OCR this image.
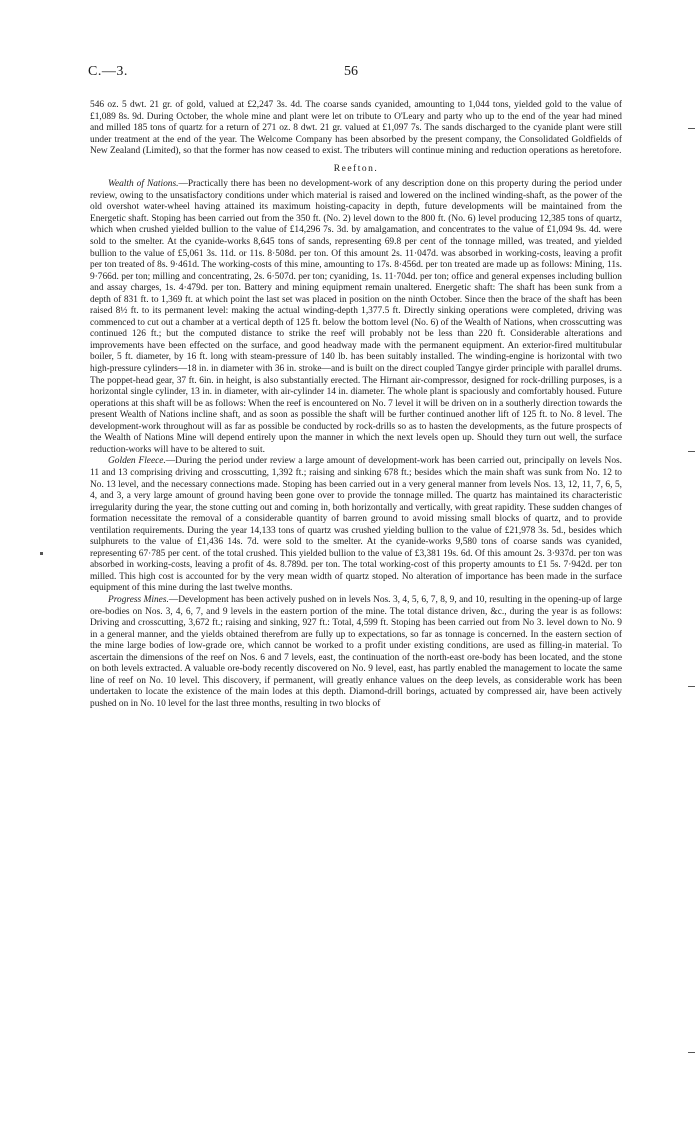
C.—3.	56

546 oz. 5 dwt. 21 gr. of gold, valued at £2,247 3s. 4d. The coarse sands cyanided, amounting to 1,044 tons, yielded gold to the value of £1,089 8s. 9d. During October, the whole mine and plant were let on tribute to O'Leary and party who up to the end of the year had mined and milled 185 tons of quartz for a return of 271 oz. 8 dwt. 21 gr. valued at £1,097 7s. The sands discharged to the cyanide plant were still under treatment at the end of the year. The Welcome Company has been absorbed by the present company, the Consolidated Goldfields of New Zealand (Limited), so that the former has now ceased to exist. The tributers will continue mining and reduction operations as heretofore.

Reefton.

Wealth of Nations.—Practically there has been no development-work of any description done on this property during the period under review, owing to the unsatisfactory conditions under which material is raised and lowered on the inclined winding-shaft, as the power of the old overshot water-wheel having attained its maximum hoisting-capacity in depth, future developments will be maintained from the Energetic shaft. Stoping has been carried out from the 350 ft. (No. 2) level down to the 800 ft. (No. 6) level producing 12,385 tons of quartz, which when crushed yielded bullion to the value of £14,296 7s. 3d. by amalgamation, and concentrates to the value of £1,094 9s. 4d. were sold to the smelter. At the cyanide-works 8,645 tons of sands, representing 69.8 per cent of the tonnage milled, was treated, and yielded bullion to the value of £5,061 3s. 11d. or 11s. 8·508d. per ton. Of this amount 2s. 11·047d. was absorbed in working-costs, leaving a profit per ton treated of 8s. 9·461d. The working-costs of this mine, amounting to 17s. 8·456d. per ton treated are made up as follows: Mining, 11s. 9·766d. per ton; milling and concentrating, 2s. 6·507d. per ton; cyaniding, 1s. 11·704d. per ton; office and general expenses including bullion and assay charges, 1s. 4·479d. per ton. Battery and mining equipment remain unaltered. Energetic shaft: The shaft has been sunk from a depth of 831 ft. to 1,369 ft. at which point the last set was placed in position on the ninth October. Since then the brace of the shaft has been raised 8½ ft. to its permanent level: making the actual winding-depth 1,377.5 ft. Directly sinking operations were completed, driving was commenced to cut out a chamber at a vertical depth of 125 ft. below the bottom level (No. 6) of the Wealth of Nations, when crosscutting was continued 126 ft.; but the computed distance to strike the reef will probably not be less than 220 ft. Considerable alterations and improvements have been effected on the surface, and good headway made with the permanent equipment. An exterior-fired multitubular boiler, 5 ft. diameter, by 16 ft. long with steam-pressure of 140 lb. has been suitably installed. The winding-engine is horizontal with two high-pressure cylinders—18 in. in diameter with 36 in. stroke—and is built on the direct coupled Tangye girder principle with parallel drums. The poppet-head gear, 37 ft. 6in. in height, is also substantially erected. The Hirnant air-compressor, designed for rock-drilling purposes, is a horizontal single cylinder, 13 in. in diameter, with air-cylinder 14 in. diameter. The whole plant is spaciously and comfortably housed. Future operations at this shaft will be as follows: When the reef is encountered on No. 7 level it will be driven on in a southerly direction towards the present Wealth of Nations incline shaft, and as soon as possible the shaft will be further continued another lift of 125 ft. to No. 8 level. The development-work throughout will as far as possible be conducted by rock-drills so as to hasten the developments, as the future prospects of the Wealth of Nations Mine will depend entirely upon the manner in which the next levels open up. Should they turn out well, the surface reduction-works will have to be altered to suit.

Golden Fleece.—During the period under review a large amount of development-work has been carried out, principally on levels Nos. 11 and 13 comprising driving and crosscutting, 1,392 ft.; raising and sinking 678 ft.; besides which the main shaft was sunk from No. 12 to No. 13 level, and the necessary connections made. Stoping has been carried out in a very general manner from levels Nos. 13, 12, 11, 7, 6, 5, 4, and 3, a very large amount of ground having been gone over to provide the tonnage milled. The quartz has maintained its characteristic irregularity during the year, the stone cutting out and coming in, both horizontally and vertically, with great rapidity. These sudden changes of formation necessitate the removal of a considerable quantity of barren ground to avoid missing small blocks of quartz, and to provide ventilation requirements. During the year 14,133 tons of quartz was crushed yielding bullion to the value of £21,978 3s. 5d., besides which sulphurets to the value of £1,436 14s. 7d. were sold to the smelter. At the cyanide-works 9,580 tons of coarse sands was cyanided, representing 67·785 per cent. of the total crushed. This yielded bullion to the value of £3,381 19s. 6d. Of this amount 2s. 3·937d. per ton was absorbed in working-costs, leaving a profit of 4s. 8.789d. per ton. The total working-cost of this property amounts to £1 5s. 7·942d. per ton milled. This high cost is accounted for by the very mean width of quartz stoped. No alteration of importance has been made in the surface equipment of this mine during the last twelve months.

Progress Mines.—Development has been actively pushed on in levels Nos. 3, 4, 5, 6, 7, 8, 9, and 10, resulting in the opening-up of large ore-bodies on Nos. 3, 4, 6, 7, and 9 levels in the eastern portion of the mine. The total distance driven, &c., during the year is as follows: Driving and crosscutting, 3,672 ft.; raising and sinking, 927 ft.: Total, 4,599 ft. Stoping has been carried out from No 3. level down to No. 9 in a general manner, and the yields obtained therefrom are fully up to expectations, so far as tonnage is concerned. In the eastern section of the mine large bodies of low-grade ore, which cannot be worked to a profit under existing conditions, are used as filling-in material. To ascertain the dimensions of the reef on Nos. 6 and 7 levels, east, the continuation of the north-east ore-body has been located, and the stone on both levels extracted. A valuable ore-body recently discovered on No. 9 level, east, has partly enabled the management to locate the same line of reef on No. 10 level. This discovery, if permanent, will greatly enhance values on the deep levels, as considerable work has been undertaken to locate the existence of the main lodes at this depth. Diamond-drill borings, actuated by compressed air, have been actively pushed on in No. 10 level for the last three months, resulting in two blocks of
